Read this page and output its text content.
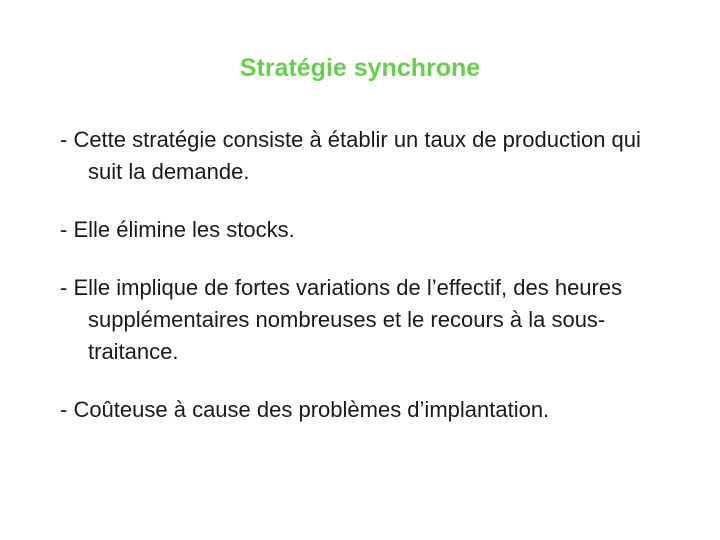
Stratégie synchrone
- Cette stratégie consiste à établir un taux de production qui suit la demande.
- Elle élimine les stocks.
- Elle implique de fortes variations de l’effectif, des heures supplémentaires nombreuses et le recours à la sous-traitance.
- Coûteuse à cause des problèmes d’implantation.
